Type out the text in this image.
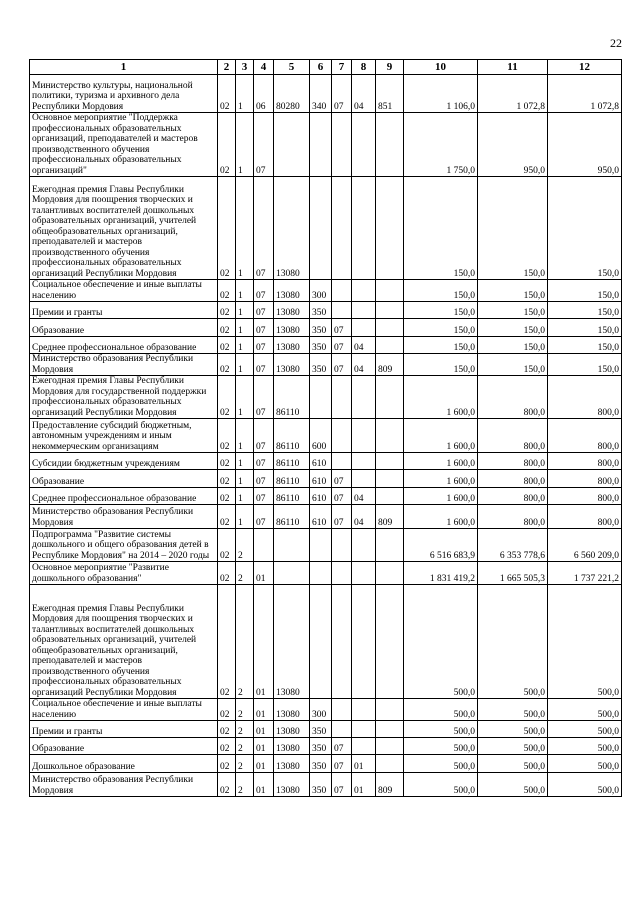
22
1	2	3	4	5	6	7	8	9	10	11	12
Министерство культуры, национальной политики, туризма и архивного дела Республики Мордовия	02	1	06	80280	340	07	04	851	1 106,0	1 072,8	1 072,8
Основное мероприятие "Поддержка профессиональных образовательных организаций, преподавателей и мастеров производственного обучения профессиональных образовательных организаций"	02	1	07						1 750,0	950,0	950,0
Ежегодная премия Главы Республики Мордовия для поощрения творческих и талантливых воспитателей дошкольных образовательных организаций, учителей общеобразовательных организаций, преподавателей и мастеров производственного обучения профессиональных образовательных организаций Республики Мордовия	02	1	07	13080					150,0	150,0	150,0
Социальное обеспечение и иные выплаты населению	02	1	07	13080	300				150,0	150,0	150,0
Премии и гранты	02	1	07	13080	350				150,0	150,0	150,0
Образование	02	1	07	13080	350	07			150,0	150,0	150,0
Среднее профессиональное образование	02	1	07	13080	350	07	04		150,0	150,0	150,0
Министерство образования Республики Мордовия	02	1	07	13080	350	07	04	809	150,0	150,0	150,0
Ежегодная премия Главы Республики Мордовия для государственной поддержки профессиональных образовательных организаций Республики Мордовия	02	1	07	86110					1 600,0	800,0	800,0
Предоставление субсидий бюджетным, автономным учреждениям и иным некоммерческим организациям	02	1	07	86110	600				1 600,0	800,0	800,0
Субсидии бюджетным учреждениям	02	1	07	86110	610				1 600,0	800,0	800,0
Образование	02	1	07	86110	610	07			1 600,0	800,0	800,0
Среднее профессиональное образование	02	1	07	86110	610	07	04		1 600,0	800,0	800,0
Министерство образования Республики Мордовия	02	1	07	86110	610	07	04	809	1 600,0	800,0	800,0
Подпрограмма "Развитие системы дошкольного и общего образования детей в Республике Мордовия" на 2014 – 2020 годы	02	2							6 516 683,9	6 353 778,6	6 560 209,0
Основное мероприятие "Развитие дошкольного образования"	02	2	01						1 831 419,2	1 665 505,3	1 737 221,2
Ежегодная премия Главы Республики Мордовия для поощрения творческих и талантливых воспитателей дошкольных образовательных организаций, учителей общеобразовательных организаций, преподавателей и мастеров производственного обучения профессиональных образовательных организаций Республики Мордовия	02	2	01	13080					500,0	500,0	500,0
Социальное обеспечение и иные выплаты населению	02	2	01	13080	300				500,0	500,0	500,0
Премии и гранты	02	2	01	13080	350				500,0	500,0	500,0
Образование	02	2	01	13080	350	07			500,0	500,0	500,0
Дошкольное образование	02	2	01	13080	350	07	01		500,0	500,0	500,0
Министерство образования Республики Мордовия	02	2	01	13080	350	07	01	809	500,0	500,0	500,0
